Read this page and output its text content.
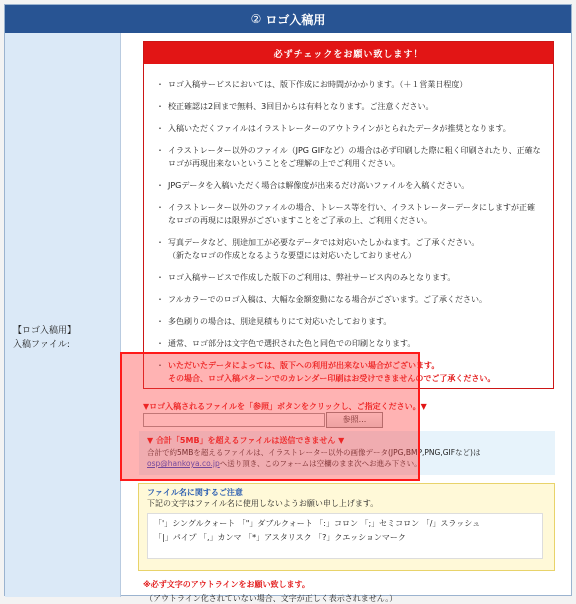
② ロゴ入稿用
【ロゴ入稿用】
入稿ファイル:
必ずチェックをお願い致します！
・ ロゴ入稿サービスにおいては、版下作成にお時間がかかります。（＋１営業日程度）
・ 校正確認は2回まで無料、3回目からは有料となります。ご注意ください。
・ 入稿いただくファイルはイラストレーターのアウトラインがとられたデータが推奨となります。
・ イラストレーター以外のファイル（JPG GIFなど）の場合は必ず印刷した際に粗く印刷されたり、正確なロゴが再現出来ないということをご理解の上でご利用ください。
・ JPGデータを入稿いただく場合は解像度が出来るだけ高いファイルを入稿ください。
・ イラストレーター以外のファイルの場合、トレース等を行い、イラストレーターデータにしますが正確なロゴの再現には限界がございますことをご了承の上、ご利用ください。
・ 写真データなど、別途加工が必要なデータでは対応いたしかねます。ご了承ください。
（新たなロゴの作成となるような要望には対応いたしておりません）
・ ロゴ入稿サービスで作成した版下のご利用は、弊社サービス内のみとなります。
・ フルカラーでのロゴ入稿は、大幅な金額変動になる場合がございます。ご了承ください。
・ 多色刷りの場合は、別途見積もりにて対応いたしております。
・ 通常、ロゴ部分は文字色で選択された色と同色での印刷となります。
・ いただいたデータによっては、版下への利用が出来ない場合がございます。
その場合、ロゴ入稿パターンでのカレンダー印刷はお受けできませんのでご了承ください。
▼ロゴ入稿されるファイルを「参照」ボタンをクリックし、ご指定ください。▼
参照...
▼ 合計「5MB」を超えるファイルは送信できません ▼
合計で約5MBを超えるファイルは、イラストレーター以外の画像データ(JPG,BMP,PNG,GIFなど)はosp@hankoya.co.jpへ送り頂き、このフォームは空欄のまま次へお進み下さい。
ファイル名に関するご注意
下記の文字はファイル名に使用しないようお願い申し上げます。
「'」シングルクォート 「"」ダブルクォート 「:」コロン 「;」セミコロン 「/」スラッシュ
「|」パイプ 「,」カンマ 「*」アスタリスク 「?」クエッションマーク
※必ず文字のアウトラインをお願い致します。
（アウトライン化されていない場合、文字が正しく表示されません。）
